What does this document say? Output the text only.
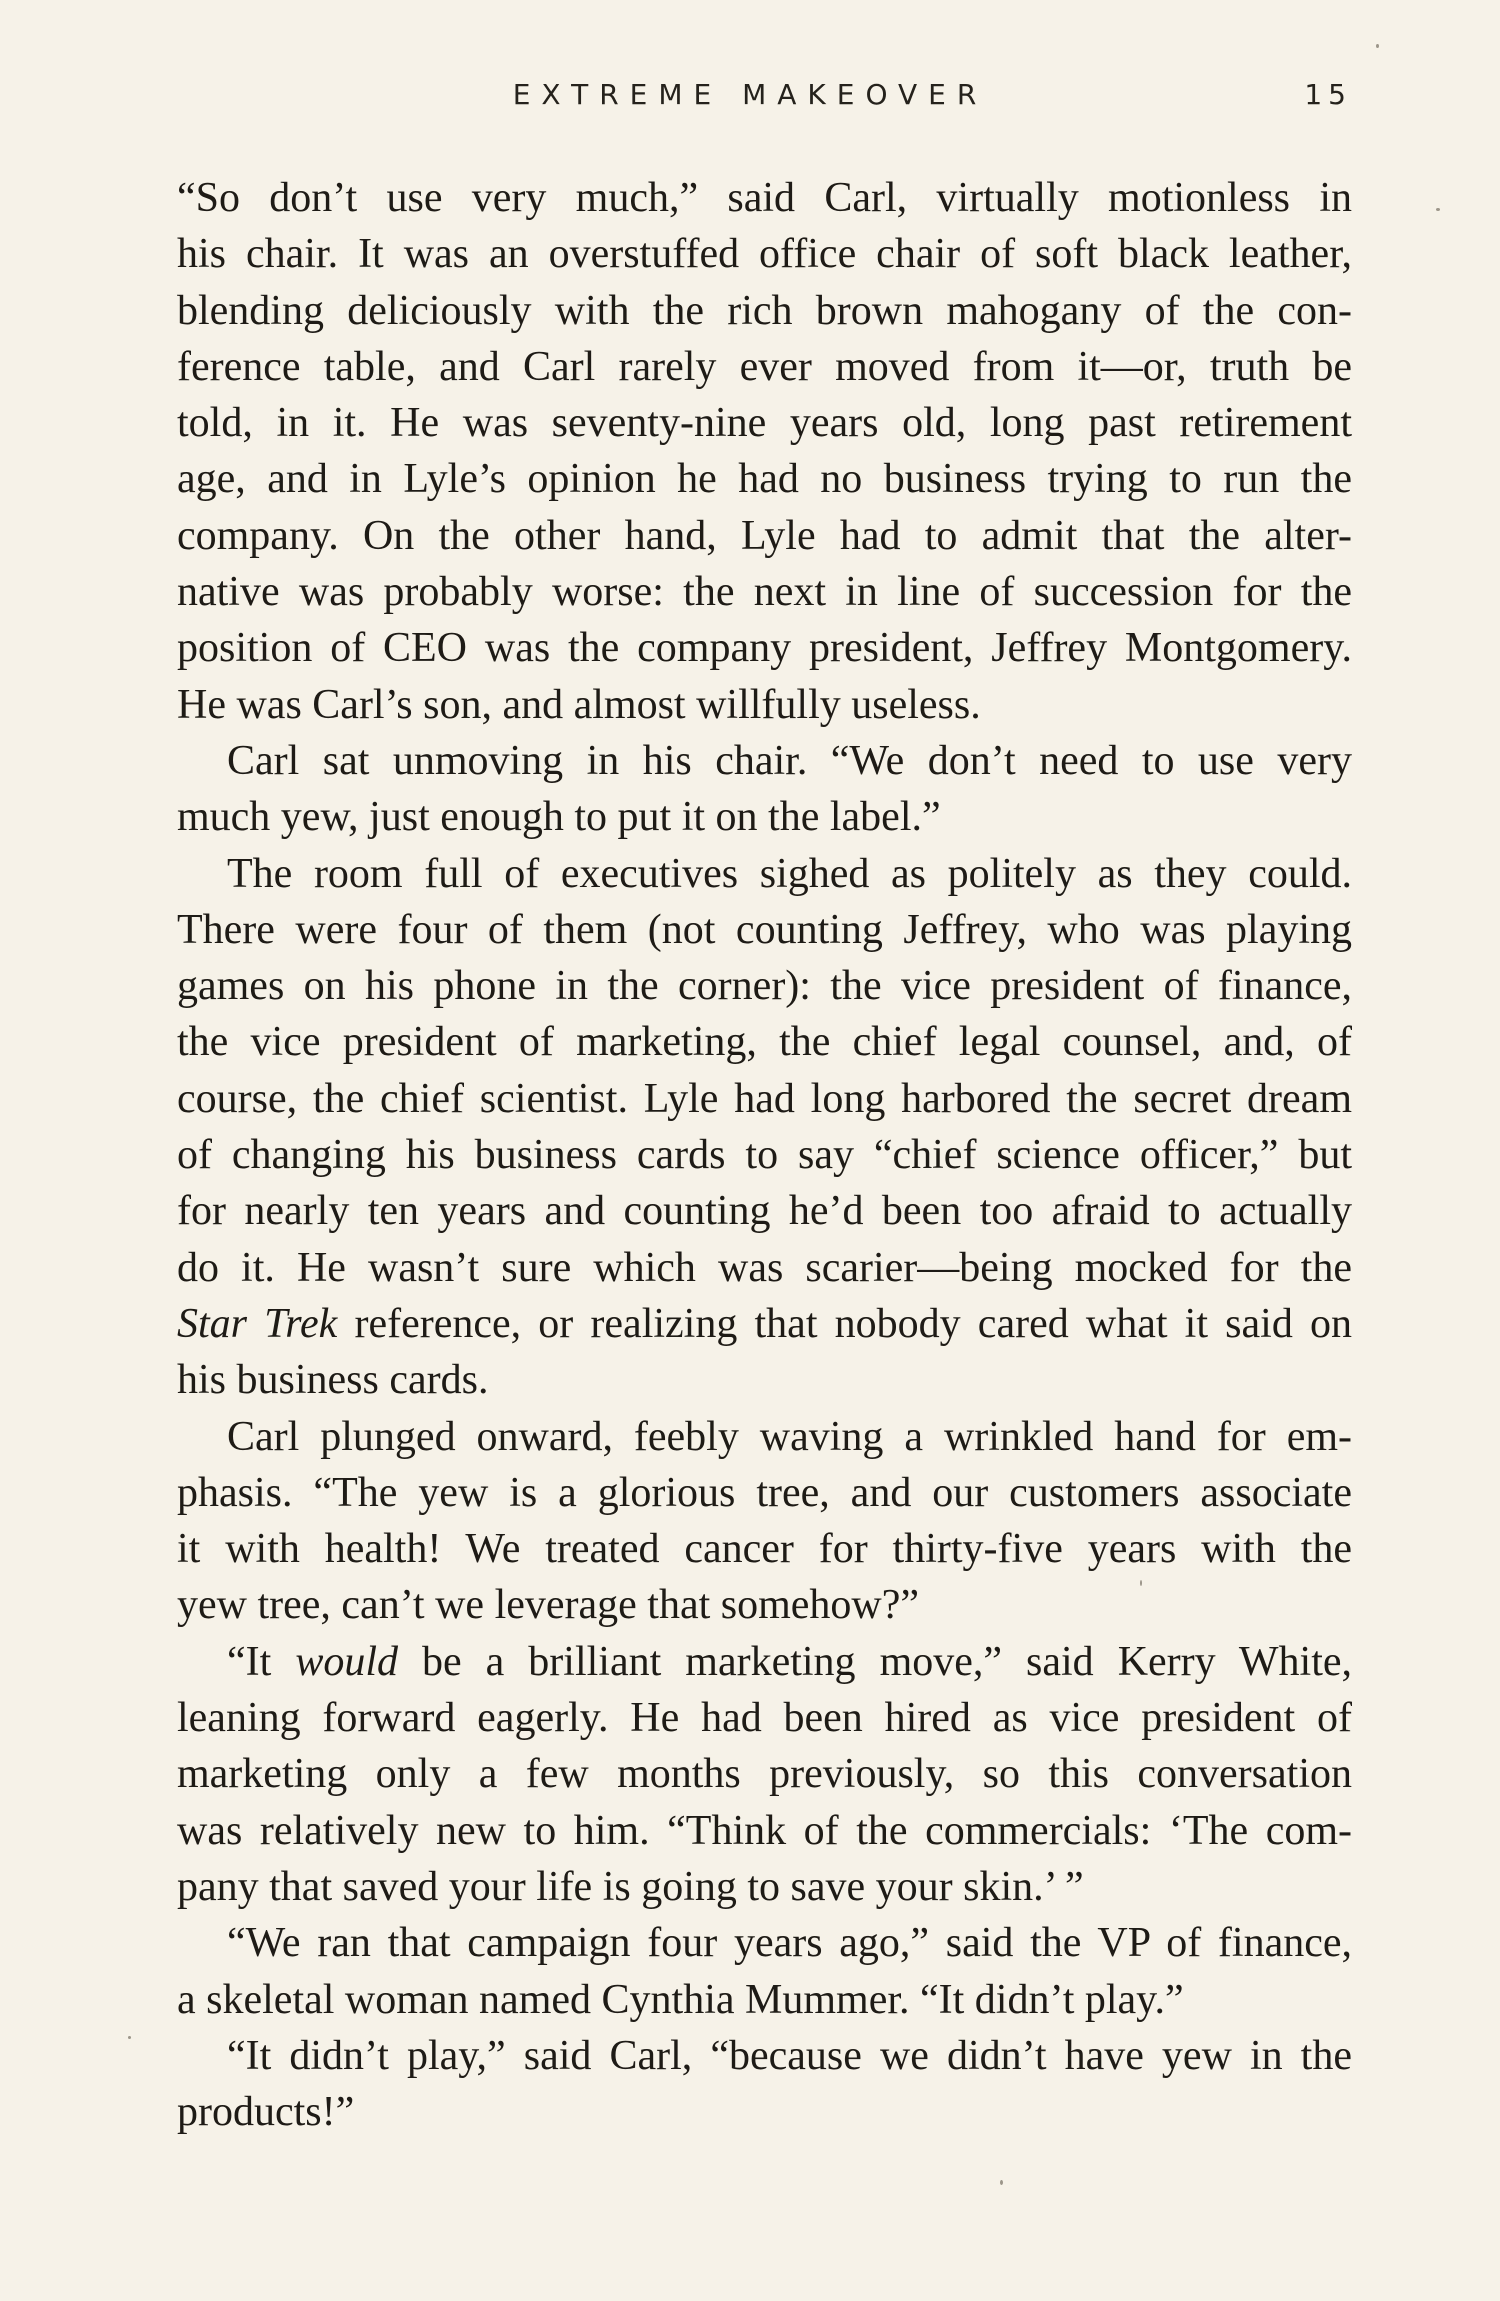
EXTREME MAKEOVER	15
“So don’t use very much,” said Carl, virtually motionless in
his chair. It was an overstuffed office chair of soft black leather,
blending deliciously with the rich brown mahogany of the con-
ference table, and Carl rarely ever moved from it—or, truth be
told, in it. He was seventy-nine years old, long past retirement
age, and in Lyle’s opinion he had no business trying to run the
company. On the other hand, Lyle had to admit that the alter-
native was probably worse: the next in line of succession for the
position of CEO was the company president, Jeffrey Montgomery.
He was Carl’s son, and almost willfully useless.
Carl sat unmoving in his chair. “We don’t need to use very
much yew, just enough to put it on the label.”
The room full of executives sighed as politely as they could.
There were four of them (not counting Jeffrey, who was playing
games on his phone in the corner): the vice president of finance,
the vice president of marketing, the chief legal counsel, and, of
course, the chief scientist. Lyle had long harbored the secret dream
of changing his business cards to say “chief science officer,” but
for nearly ten years and counting he’d been too afraid to actually
do it. He wasn’t sure which was scarier—being mocked for the
Star Trek reference, or realizing that nobody cared what it said on
his business cards.
Carl plunged onward, feebly waving a wrinkled hand for em-
phasis. “The yew is a glorious tree, and our customers associate
it with health! We treated cancer for thirty-five years with the
yew tree, can’t we leverage that somehow?”
“It would be a brilliant marketing move,” said Kerry White,
leaning forward eagerly. He had been hired as vice president of
marketing only a few months previously, so this conversation
was relatively new to him. “Think of the commercials: ‘The com-
pany that saved your life is going to save your skin.’ ”
“We ran that campaign four years ago,” said the VP of finance,
a skeletal woman named Cynthia Mummer. “It didn’t play.”
“It didn’t play,” said Carl, “because we didn’t have yew in the
products!”
